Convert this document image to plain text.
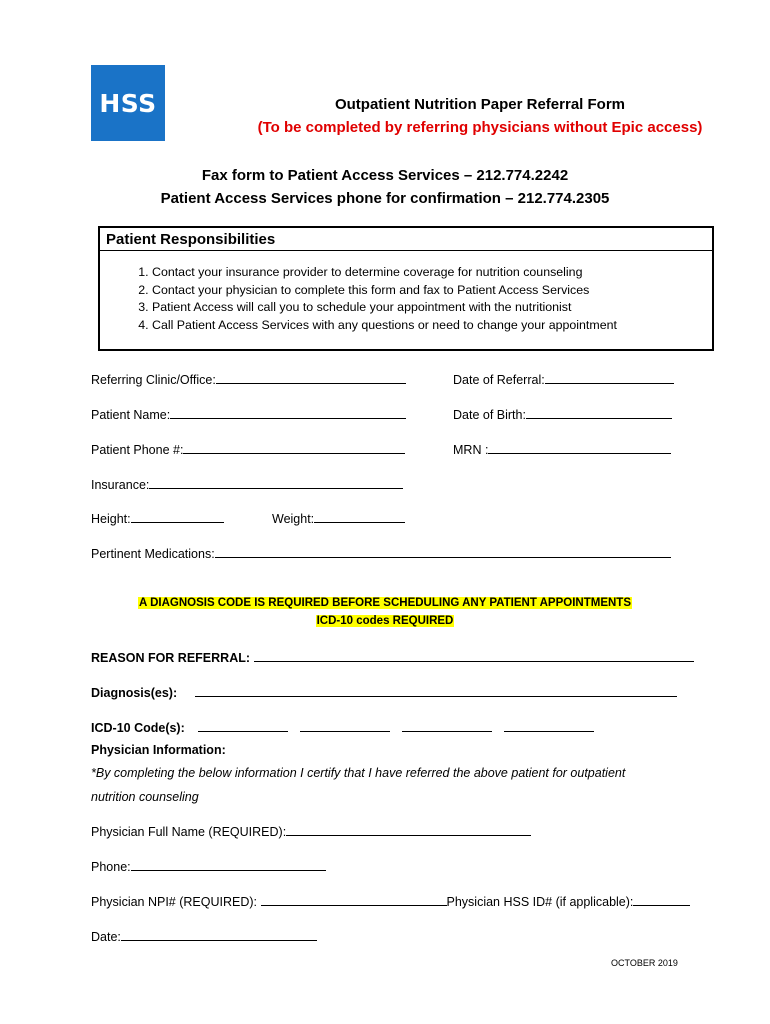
HSS	Outpatient Nutrition Paper Referral Form
(To be completed by referring physicians without Epic access)
Fax form to Patient Access Services – 212.774.2242
Patient Access Services phone for confirmation – 212.774.2305
Patient Responsibilities
1. Contact your insurance provider to determine coverage for nutrition counseling
2. Contact your physician to complete this form and fax to Patient Access Services
3. Patient Access will call you to schedule your appointment with the nutritionist
4. Call Patient Access Services with any questions or need to change your appointment
Referring Clinic/Office:	Date of Referral:
Patient Name:	Date of Birth:
Patient Phone #:	MRN :
Insurance:
Height:	Weight:
Pertinent Medications:
A DIAGNOSIS CODE IS REQUIRED BEFORE SCHEDULING ANY PATIENT APPOINTMENTS
ICD-10 codes REQUIRED
REASON FOR REFERRAL:
Diagnosis(es):
ICD-10 Code(s):
Physician Information:
*By completing the below information I certify that I have referred the above patient for outpatient
nutrition counseling
Physician Full Name (REQUIRED):
Phone:
Physician NPI# (REQUIRED):	Physician HSS ID# (if applicable):
Date:
OCTOBER 2019
